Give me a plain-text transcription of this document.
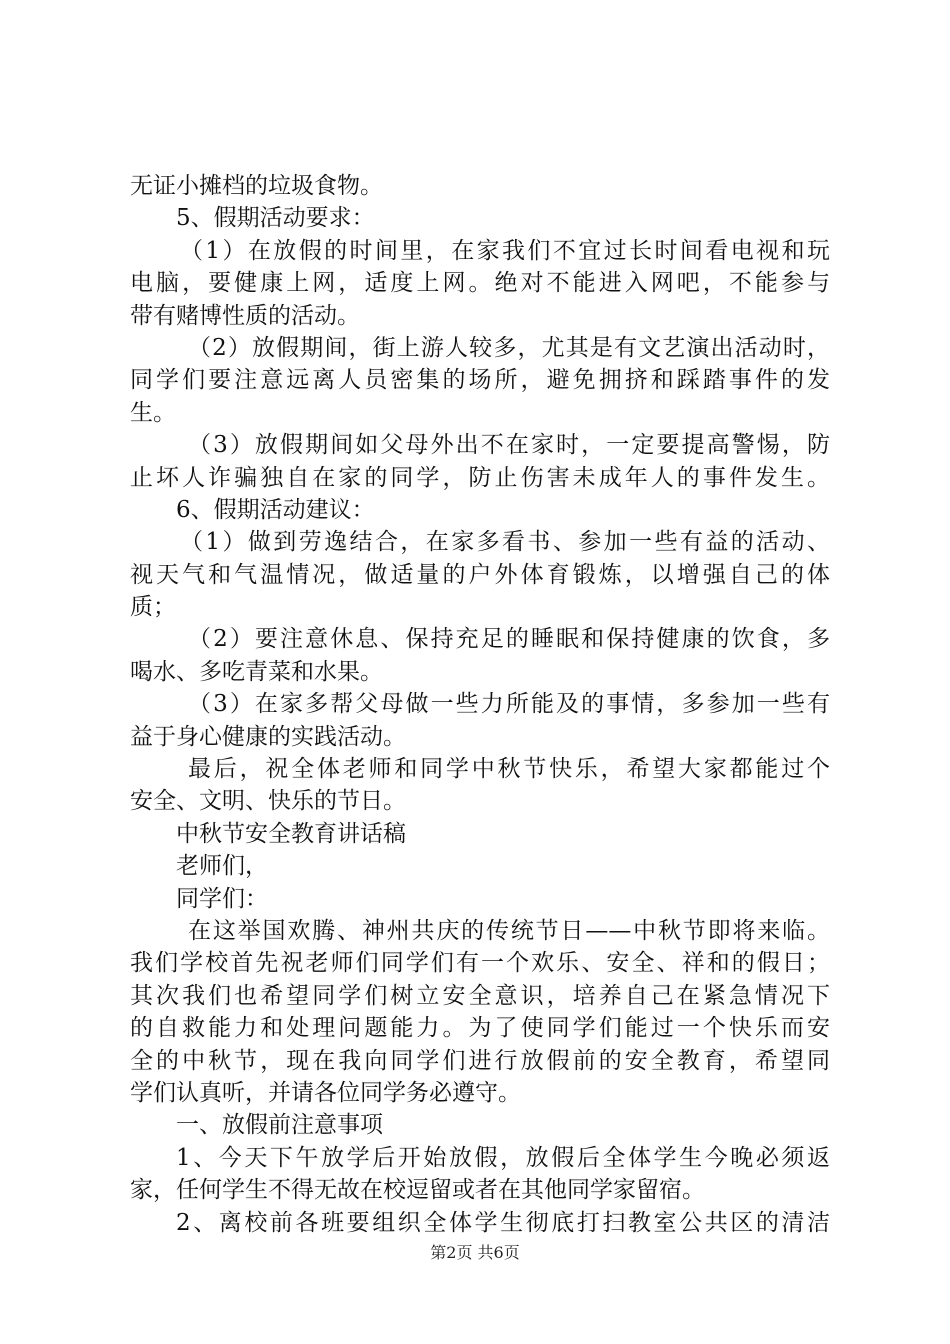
无证小摊档的垃圾食物。
5、假期活动要求：
（1）在放假的时间里，在家我们不宜过长时间看电视和玩
电脑，要健康上网，适度上网。绝对不能进入网吧，不能参与
带有赌博性质的活动。
（2）放假期间，街上游人较多，尤其是有文艺演出活动时，
同学们要注意远离人员密集的场所，避免拥挤和踩踏事件的发
生。
（3）放假期间如父母外出不在家时，一定要提高警惕，防
止坏人诈骗独自在家的同学，防止伤害未成年人的事件发生。
6、假期活动建议：
（1）做到劳逸结合，在家多看书、参加一些有益的活动、
视天气和气温情况，做适量的户外体育锻炼，以增强自己的体
质；
（2）要注意休息、保持充足的睡眠和保持健康的饮食，多
喝水、多吃青菜和水果。
（3）在家多帮父母做一些力所能及的事情，多参加一些有
益于身心健康的实践活动。
最后，祝全体老师和同学中秋节快乐，希望大家都能过个
安全、文明、快乐的节日。
中秋节安全教育讲话稿
老师们，
同学们：
在这举国欢腾、神州共庆的传统节日——中秋节即将来临。
我们学校首先祝老师们同学们有一个欢乐、安全、祥和的假日；
其次我们也希望同学们树立安全意识，培养自己在紧急情况下
的自救能力和处理问题能力。为了使同学们能过一个快乐而安
全的中秋节，现在我向同学们进行放假前的安全教育，希望同
学们认真听，并请各位同学务必遵守。
一、放假前注意事项
1、今天下午放学后开始放假，放假后全体学生今晚必须返
家，任何学生不得无故在校逗留或者在其他同学家留宿。
2、离校前各班要组织全体学生彻底打扫教室公共区的清洁
第2页 共6页
